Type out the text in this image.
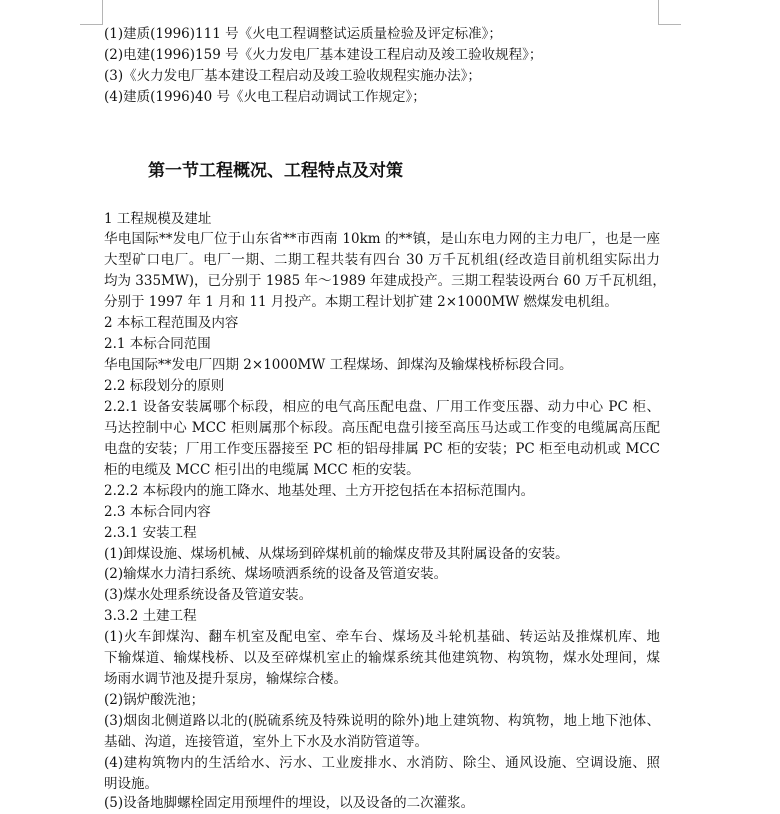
(1)建质(1996)111 号《火电工程调整试运质量检验及评定标准》；
(2)电建(1996)159 号《火力发电厂基本建设工程启动及竣工验收规程》；
(3)《火力发电厂基本建设工程启动及竣工验收规程实施办法》；
(4)建质(1996)40 号《火电工程启动调试工作规定》；
第一节工程概况、工程特点及对策
1 工程规模及建址
华电国际**发电厂位于山东省**市西南 10km 的**镇，是山东电力网的主力电厂，也是一座
大型矿口电厂。电厂一期、二期工程共装有四台 30 万千瓦机组(经改造目前机组实际出力
均为 335MW)，已分别于 1985 年～1989 年建成投产。三期工程装设两台 60 万千瓦机组，
分别于 1997 年 1 月和 11 月投产。本期工程计划扩建 2×1000MW 燃煤发电机组。
2 本标工程范围及内容
2.1 本标合同范围
华电国际**发电厂四期 2×1000MW 工程煤场、卸煤沟及输煤栈桥标段合同。
2.2 标段划分的原则
2.2.1 设备安装属哪个标段，相应的电气高压配电盘、厂用工作变压器、动力中心 PC 柜、
马达控制中心 MCC 柜则属那个标段。高压配电盘引接至高压马达或工作变的电缆属高压配
电盘的安装；厂用工作变压器接至 PC 柜的铝母排属 PC 柜的安装；PC 柜至电动机或 MCC
柜的电缆及 MCC 柜引出的电缆属 MCC 柜的安装。
2.2.2 本标段内的施工降水、地基处理、土方开挖包括在本招标范围内。
2.3 本标合同内容
2.3.1 安装工程
(1)卸煤设施、煤场机械、从煤场到碎煤机前的输煤皮带及其附属设备的安装。
(2)输煤水力清扫系统、煤场喷洒系统的设备及管道安装。
(3)煤水处理系统设备及管道安装。
3.3.2 土建工程
(1)火车卸煤沟、翻车机室及配电室、牵车台、煤场及斗轮机基础、转运站及推煤机库、地
下输煤道、输煤栈桥、以及至碎煤机室止的输煤系统其他建筑物、构筑物，煤水处理间，煤
场雨水调节池及提升泵房，输煤综合楼。
(2)锅炉酸洗池；
(3)烟囱北侧道路以北的(脱硫系统及特殊说明的除外)地上建筑物、构筑物，地上地下池体、
基础、沟道，连接管道，室外上下水及水消防管道等。
(4)建构筑物内的生活给水、污水、工业废排水、水消防、除尘、通风设施、空调设施、照
明设施。
(5)设备地脚螺栓固定用预埋件的埋设，以及设备的二次灌浆。
